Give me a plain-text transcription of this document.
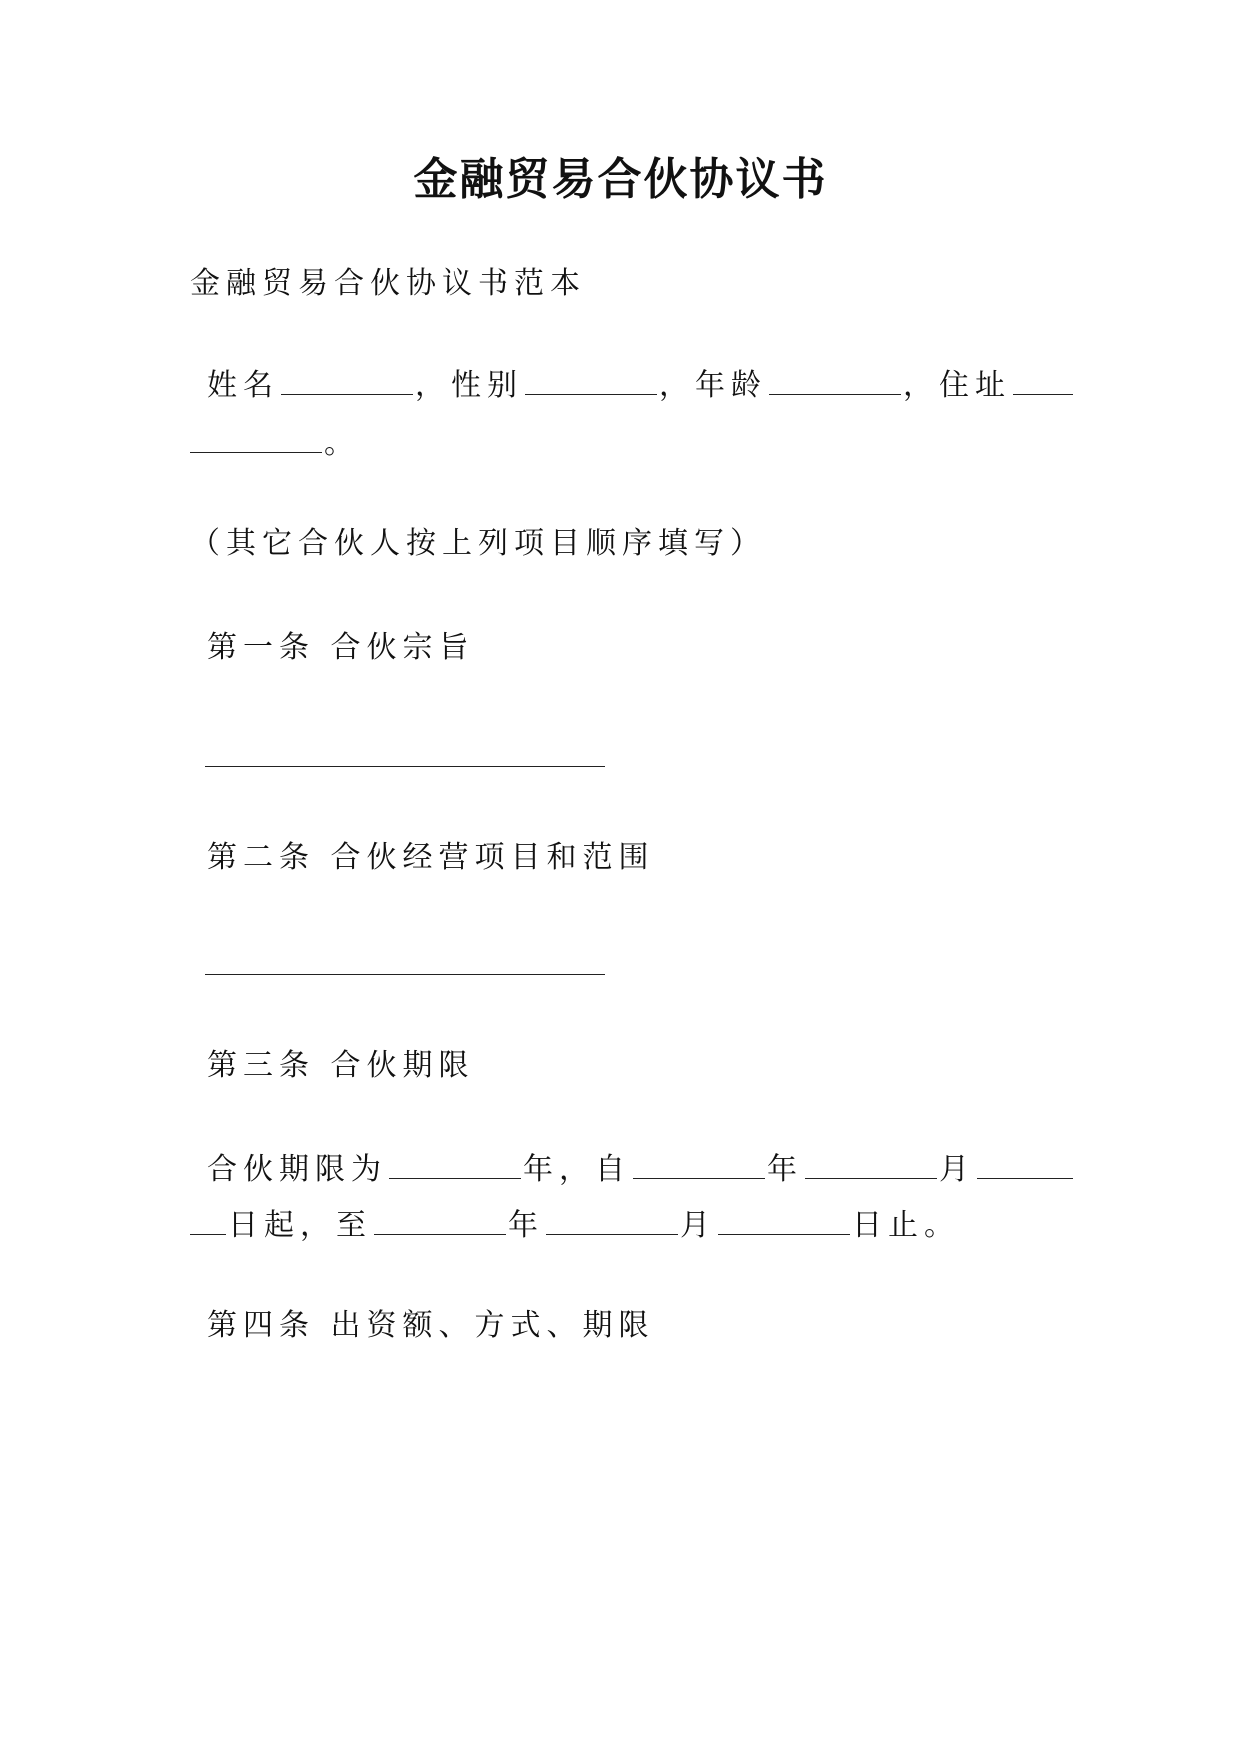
金融贸易合伙协议书
金融贸易合伙协议书范本
姓名	，性别	，年龄	，住址
。
（其它合伙人按上列项目顺序填写）
第一条 合伙宗旨
第二条 合伙经营项目和范围
第三条 合伙期限
合伙期限为	年，自	年	月
日起，至	年	月	日止。
第四条 出资额、方式、期限
